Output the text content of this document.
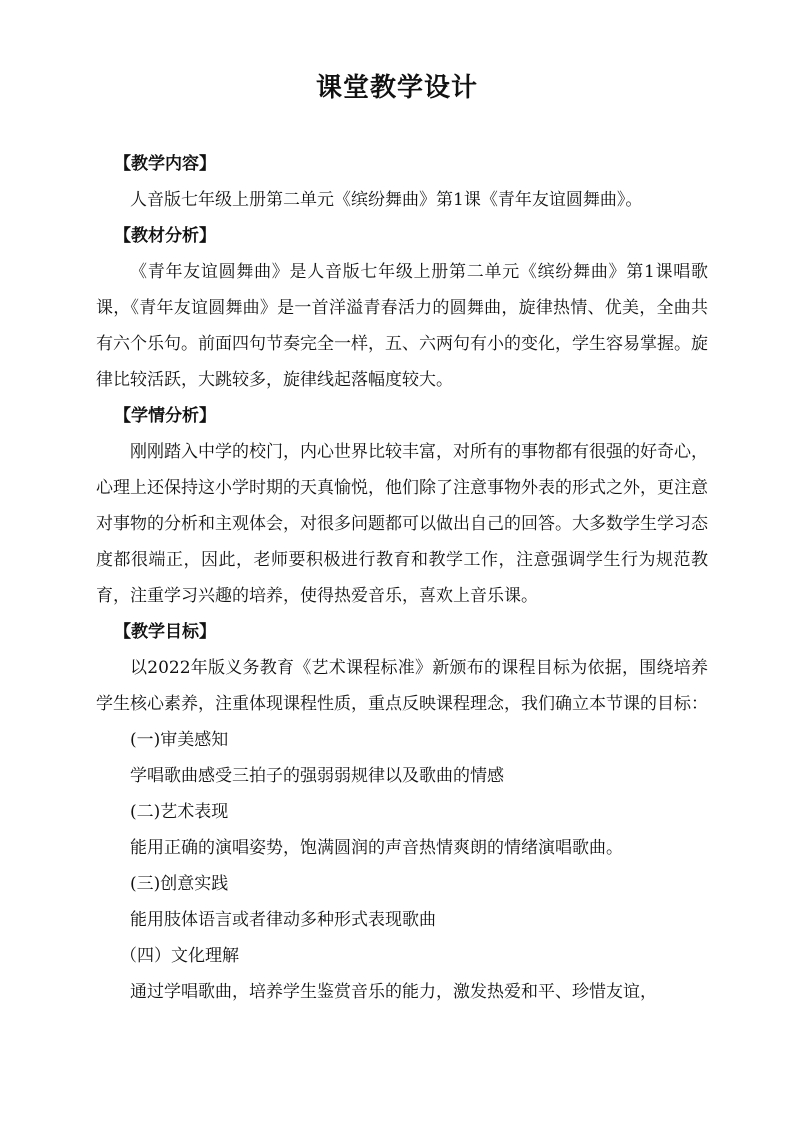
课堂教学设计
【教学内容】

人音版七年级上册第二单元《缤纷舞曲》第1课《青年友谊圆舞曲》。

【教材分析】

《青年友谊圆舞曲》是人音版七年级上册第二单元《缤纷舞曲》第1课唱歌课，《青年友谊圆舞曲》是一首洋溢青春活力的圆舞曲，旋律热情、优美，全曲共有六个乐句。前面四句节奏完全一样，五、六两句有小的变化，学生容易掌握。旋律比较活跃，大跳较多，旋律线起落幅度较大。

【学情分析】

刚刚踏入中学的校门，内心世界比较丰富，对所有的事物都有很强的好奇心，心理上还保持这小学时期的天真愉悦，他们除了注意事物外表的形式之外，更注意对事物的分析和主观体会，对很多问题都可以做出自己的回答。大多数学生学习态度都很端正，因此，老师要积极进行教育和教学工作，注意强调学生行为规范教育，注重学习兴趣的培养，使得热爱音乐，喜欢上音乐课。

【教学目标】

以2022年版义务教育《艺术课程标准》新颁布的课程目标为依据，围绕培养学生核心素养，注重体现课程性质，重点反映课程理念，我们确立本节课的目标：

(一)审美感知

学唱歌曲感受三拍子的强弱弱规律以及歌曲的情感

(二)艺术表现

能用正确的演唱姿势，饱满圆润的声音热情爽朗的情绪演唱歌曲。

(三)创意实践

能用肢体语言或者律动多种形式表现歌曲

（四）文化理解

通过学唱歌曲，培养学生鉴赏音乐的能力，激发热爱和平、珍惜友谊，
